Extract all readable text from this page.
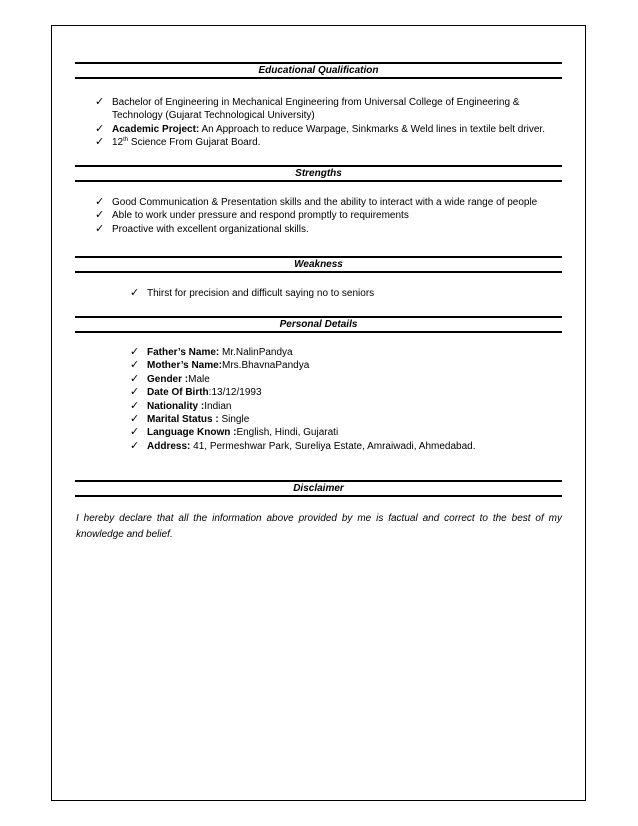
Educational Qualification
✓ Bachelor of Engineering in Mechanical Engineering from Universal College of Engineering & Technology (Gujarat Technological University)
✓ Academic Project: An Approach to reduce Warpage, Sinkmarks & Weld lines in textile belt driver.
✓ 12th Science From Gujarat Board.
Strengths
✓ Good Communication & Presentation skills and the ability to interact with a wide range of people
✓ Able to work under pressure and respond promptly to requirements
✓ Proactive with excellent organizational skills.
Weakness
✓ Thirst for precision and difficult saying no to seniors
Personal Details
✓ Father’s Name: Mr.NalinPandya
✓ Mother’s Name:Mrs.BhavnaPandya
✓ Gender :Male
✓ Date Of Birth:13/12/1993
✓ Nationality :Indian
✓ Marital Status : Single
✓ Language Known :English, Hindi, Gujarati
✓ Address: 41, Permeshwar Park, Sureliya Estate, Amraiwadi, Ahmedabad.
Disclaimer
I hereby declare that all the information above provided by me is factual and correct to the best of my knowledge and belief.
